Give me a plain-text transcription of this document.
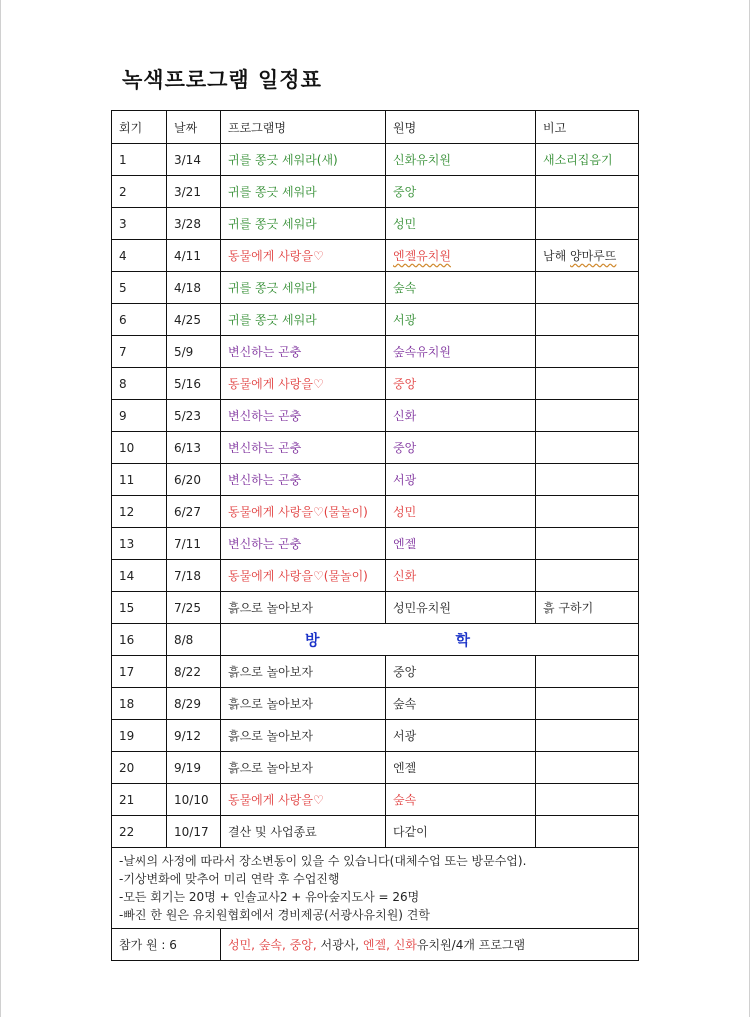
녹색프로그램 일정표
회기	날짜	프로그램명	원명	비고
1	3/14	귀를 쫑긋 세워라(새)	신화유치원	새소리집음기
2	3/21	귀를 쫑긋 세워라	중앙	
3	3/28	귀를 쫑긋 세워라	성민	
4	4/11	동물에게 사랑을♡	엔젤유치원	남해 양마루뜨
5	4/18	귀를 쫑긋 세워라	숲속	
6	4/25	귀를 쫑긋 세워라	서광	
7	5/9	변신하는 곤충	숲속유치원	
8	5/16	동물에게 사랑을♡	중앙	
9	5/23	변신하는 곤충	신화	
10	6/13	변신하는 곤충	중앙	
11	6/20	변신하는 곤충	서광	
12	6/27	동물에게 사랑을♡(물놀이)	성민	
13	7/11	변신하는 곤충	엔젤	
14	7/18	동물에게 사랑을♡(물놀이)	신화	
15	7/25	흙으로 놀아보자	성민유치원	흙 구하기
16	8/8	방 학		
17	8/22	흙으로 놀아보자	중앙	
18	8/29	흙으로 놀아보자	숲속	
19	9/12	흙으로 놀아보자	서광	
20	9/19	흙으로 놀아보자	엔젤	
21	10/10	동물에게 사랑을♡	숲속	
22	10/17	결산 및 사업종료	다같이	

-날씨의 사정에 따라서 장소변동이 있을 수 있습니다(대체수업 또는 방문수업).
-기상변화에 맞추어 미리 연락 후 수업진행
-모든 회기는 20명 + 인솔교사2 + 유아숲지도사 = 26명
-빠진 한 원은 유치원협회에서 경비제공(서광사유치원) 견학				

참가 원 : 6		성민, 숲속, 중앙, 서광사, 엔젤, 신화유치원/4개 프로그램		
